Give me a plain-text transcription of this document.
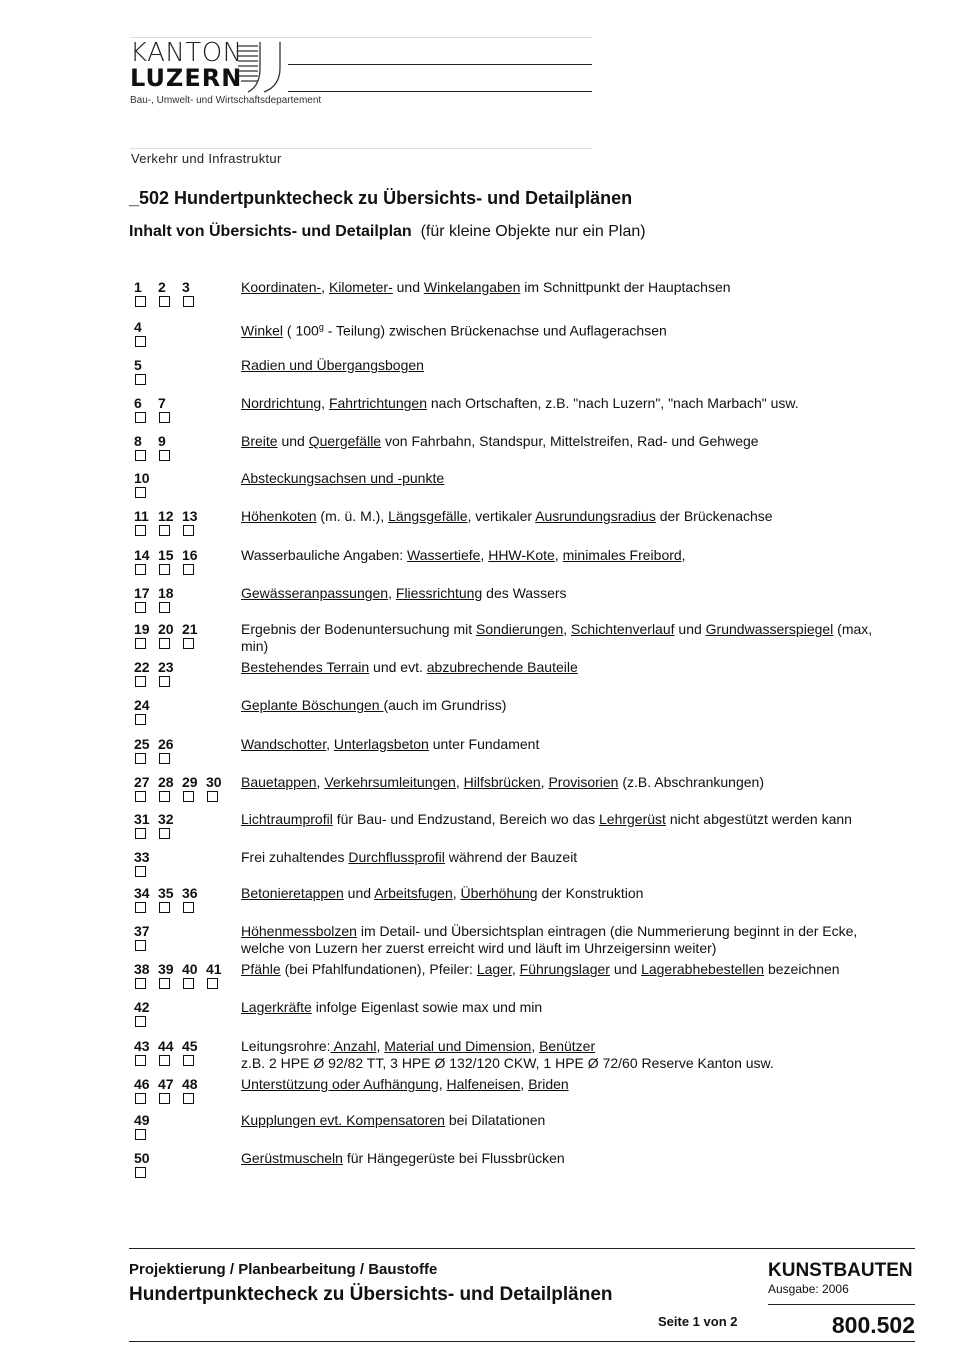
KANTON
LUZERN
Bau-, Umwelt- und Wirtschaftsdepartement
Verkehr und Infrastruktur
_502 Hundertpunktecheck zu Übersichts- und Detailplänen
Inhalt von Übersichts- und Detailplan (für kleine Objekte nur ein Plan)
1 2 3	Koordinaten-, Kilometer- und Winkelangaben im Schnittpunkt der Hauptachsen
4	Winkel ( 100$^g$ - Teilung) zwischen Brückenachse und Auflagerachsen
5	Radien und Übergangsbogen
6 7	Nordrichtung, Fahrtrichtungen nach Ortschaften, z.B. "nach Luzern", "nach Marbach" usw.
8 9	Breite und Quergefälle von Fahrbahn, Standspur, Mittelstreifen, Rad- und Gehwege
10	Absteckungsachsen und -punkte
11 12 13	Höhenkoten (m. ü. M.), Längsgefälle, vertikaler Ausrundungsradius der Brückenachse
14 15 16	Wasserbauliche Angaben: Wassertiefe, HHW-Kote, minimales Freibord,
17 18	Gewässeranpassungen, Fliessrichtung des Wassers
19 20 21	Ergebnis der Bodenuntersuchung mit Sondierungen, Schichtenverlauf und Grundwasserspiegel (max, min)
22 23	Bestehendes Terrain und evt. abzubrechende Bauteile
24	Geplante Böschungen (auch im Grundriss)
25 26	Wandschotter, Unterlagsbeton unter Fundament
27 28 29 30	Bauetappen, Verkehrsumleitungen, Hilfsbrücken, Provisorien (z.B. Abschrankungen)
31 32	Lichtraumprofil für Bau- und Endzustand, Bereich wo das Lehrgerüst nicht abgestützt werden kann
33	Frei zuhaltendes Durchflussprofil während der Bauzeit
34 35 36	Betonieretappen und Arbeitsfugen, Überhöhung der Konstruktion
37	Höhenmessbolzen im Detail- und Übersichtsplan eintragen (die Nummerierung beginnt in der Ecke, welche von Luzern her zuerst erreicht wird und läuft im Uhrzeigersinn weiter)
38 39 40 41	Pfähle (bei Pfahlfundationen), Pfeiler: Lager, Führungslager und Lagerabhebestellen bezeichnen
42	Lagerkräfte infolge Eigenlast sowie max und min
43 44 45	Leitungsrohre: Anzahl, Material und Dimension, Benützer
z.B. 2 HPE Ø 92/82 TT, 3 HPE Ø 132/120 CKW, 1 HPE Ø 72/60 Reserve Kanton usw.
46 47 48	Unterstützung oder Aufhängung, Halfeneisen, Briden
49	Kupplungen evt. Kompensatoren bei Dilatationen
50	Gerüstmuscheln für Hängegerüste bei Flussbrücken
Projektierung / Planbearbeitung / Baustoffe
Hundertpunktecheck zu Übersichts- und Detailplänen
Seite 1 von 2
KUNSTBAUTEN
Ausgabe: 2006
800.502
